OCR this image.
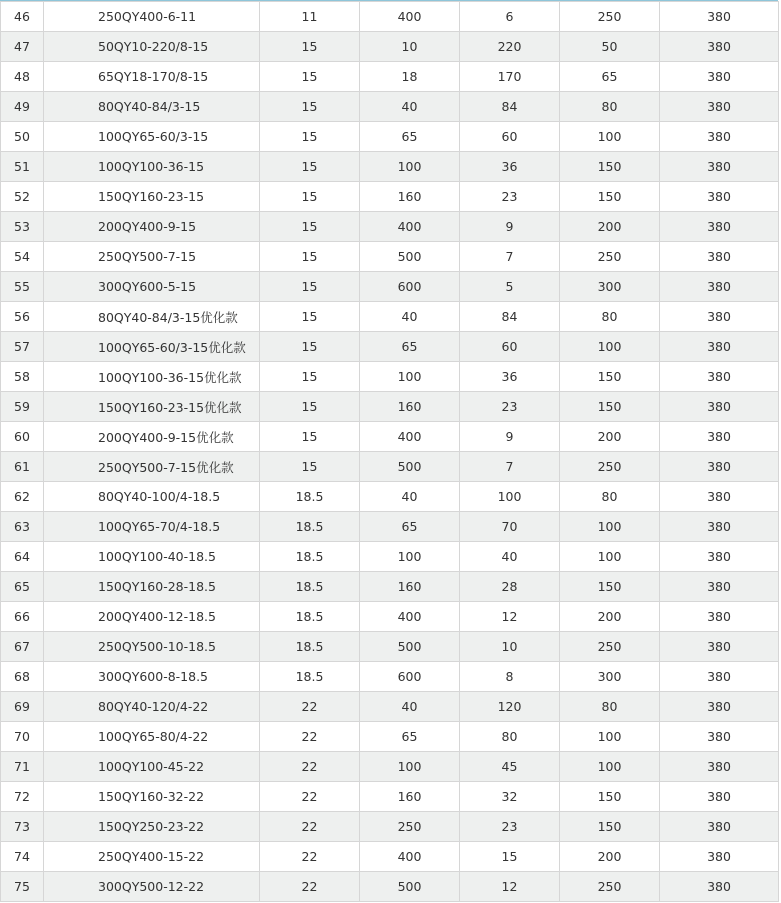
46	250QY400-6-11	11	400	6	250	380
47	50QY10-220/8-15	15	10	220	50	380
48	65QY18-170/8-15	15	18	170	65	380
49	80QY40-84/3-15	15	40	84	80	380
50	100QY65-60/3-15	15	65	60	100	380
51	100QY100-36-15	15	100	36	150	380
52	150QY160-23-15	15	160	23	150	380
53	200QY400-9-15	15	400	9	200	380
54	250QY500-7-15	15	500	7	250	380
55	300QY600-5-15	15	600	5	300	380
56	80QY40-84/3-15优化款	15	40	84	80	380
57	100QY65-60/3-15优化款	15	65	60	100	380
58	100QY100-36-15优化款	15	100	36	150	380
59	150QY160-23-15优化款	15	160	23	150	380
60	200QY400-9-15优化款	15	400	9	200	380
61	250QY500-7-15优化款	15	500	7	250	380
62	80QY40-100/4-18.5	18.5	40	100	80	380
63	100QY65-70/4-18.5	18.5	65	70	100	380
64	100QY100-40-18.5	18.5	100	40	100	380
65	150QY160-28-18.5	18.5	160	28	150	380
66	200QY400-12-18.5	18.5	400	12	200	380
67	250QY500-10-18.5	18.5	500	10	250	380
68	300QY600-8-18.5	18.5	600	8	300	380
69	80QY40-120/4-22	22	40	120	80	380
70	100QY65-80/4-22	22	65	80	100	380
71	100QY100-45-22	22	100	45	100	380
72	150QY160-32-22	22	160	32	150	380
73	150QY250-23-22	22	250	23	150	380
74	250QY400-15-22	22	400	15	200	380
75	300QY500-12-22	22	500	12	250	380
